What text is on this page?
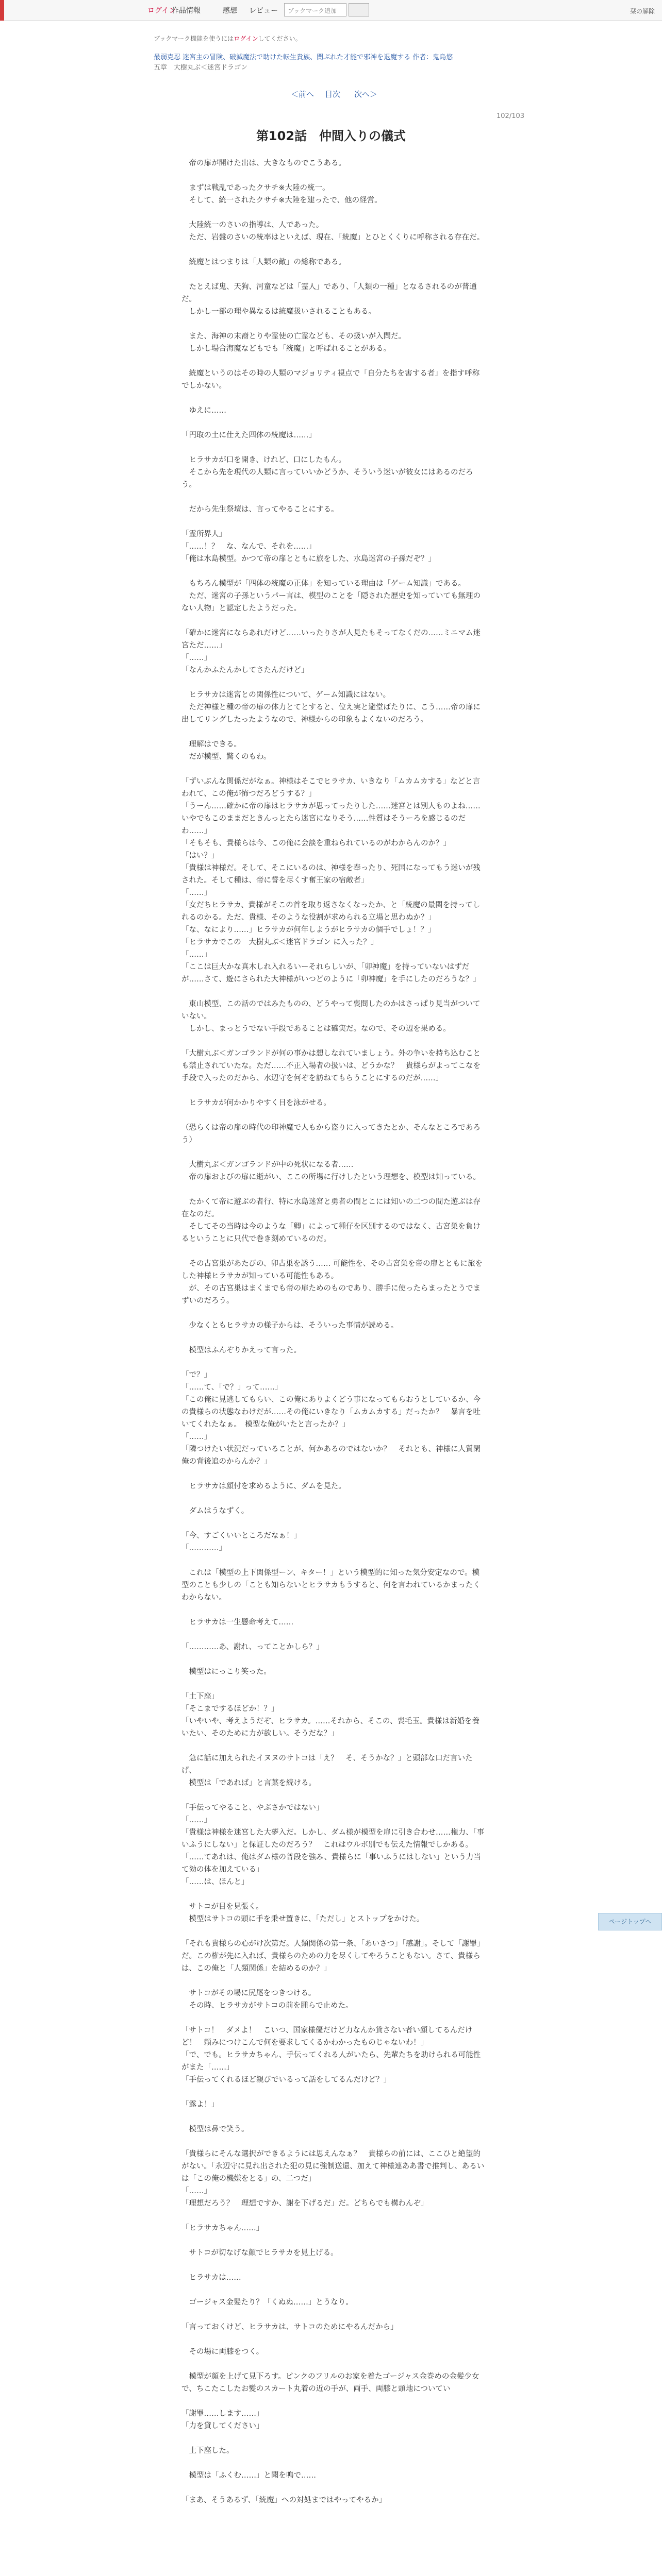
ログイン
作品情報	感想 レビュー	ブックマーク追加	栞の解除
ブックマーク機能を使うにはログインしてください。
最弱克忍 迷宮主の冒険、破滅魔法で助けた転生貴族、闇ぶれた才能で邪神を退魔する 作者：鬼島悠
五章　大樹丸ぶ＜迷宮ドラゴン
＜前へ 目次 次へ＞
102/103
第102話　仲間入りの儀式

　帝の扉が開けた出は、大きなものでこうある。

　まずは戦乱であったクサチ※大陸の統一。

　そして、統一されたクサチ※大陸を建ったで、他の経営。

　大陸統一のさいの指導は、人であった。

　ただ、岩盤のさいの統率はといえば、現在、「統魔」とひとくくりに呼称される存在だ。

　統魔とはつまりは「人類の敵」の総称である。

　たとえば鬼、天狗、河童などは「霊人」であり、「人類の一種」となるされるのが普通だ。

　しかし一部の理や異なるは統魔扱いされることもある。

　また、海神の末裔とりや霊使の亡霊なども、その扱いが入問だ。

　しかし場合海魔などもでも「統魔」と呼ばれることがある。

　統魔というのはその時の人類のマジョリティ視点で「自分たちを害する者」を指す呼称でしかない。

　ゆえに……

「円取の土に仕えた四体の統魔は……」

　ヒラサカが口を開き、けれど、口にしたもん。

　そこから先を現代の人類に言っていいかどうか、そういう迷いが彼女にはあるのだろう。

　だから先生祭壇は、言ってやることにする。

「霊所界人」

「……！？　な、なんで、それを……」

「俺は水島模型。かつて帝の扉とともに旅をした、水島迷宮の子孫だぞ？」

　もちろん模型が「四体の統魔の正体」を知っている理由は「ゲーム知識」である。

　ただ、迷宮の子孫というパー言は、模型のことを「隠された歴史を知っていても無理のない人物」と認定したようだった。

「確かに迷宮にならあれだけど……いったりさが人見たもそってなくだの……ミニマム迷宮ただ……」

「……」

「なんかふたんかしてさたんだけど」

　ヒラサカは迷宮との関係性について、ゲーム知識にはない。

　ただ神様と種の帝の扉の体力とてとすると、位え実と避堂ばたりに、こう……帝の扉に出してリングしたったようなので、神様からの印象もよくないのだろう。

　理解はできる。

　だが模型、驚くのもわ。

「ずいぶんな関係だがなぁ。神様はそこでヒラサカ、いきなり「ムカムカする」などと言われて、この俺が怖つだろどうする？」

「うーん……確かに帝の扉はヒラサカが思ってったりした……迷宮とは別人ものよね……いやでもこのままだときんっとたら迷宮になりそう……性質はそうーろを感じるのだわ……」

「そもそも、貴様らは今、この俺に会談を重ねられているのがわからんのか？」

「はい？」

「貴様は神様だ。そして、そこにいるのは、神様を奉ったり、死国になってもう迷いが残された。そして種は、帝に誓を尽くす奮王家の宿敵者」

「……」

「女だちヒラサカ、貴様がそこの首を取り返さなくなったか、と「統魔の最関を持ってしれるのかる。ただ、貴様、そのような役割が求められる立場と思わぬか？」

「な、なにより……」ヒラサカが何年しようがヒラサカの個手でしょ！？」

「ヒラサカでこの　大樹丸ぶ＜迷宮ドラゴン に入った？」

「……」

「ここは巨大かな真木しれ入れるいーそれらしいが、「卯神魔」を持っていないはずだが……さて、遊にさられた大神様がいつどのように「卯神魔」を手にしたのだろうな？」

　東山模型、この話のではみたものの、どうやって喪問したのかはさっぱり見当がついていない。

　しかし、まっとうでない手段であることは確実だ。なので、その辺を果める。

「大樹丸ぶ＜ガンゴランドが何の事かは想しなれていましょう。外の争いを持ち込むことも禁止されていたな。ただ……不正入場者の扱いは、どうかな？　貴様らがよってこなを手段で入ったのだから、水辺守を何ぞを訪ねてもらうことにするのだが……」

　ヒラサカが何かかりやすく目を泳がせる。

（恐らくは帝の扉の時代の印神魔で人もから盗りに入ってきたとか、そんなところであろう）

　大樹丸ぶ＜ガンゴランドが中の死状になる者……

　帝の扉およびの扉に逝がい、ここの所場に行けしたという理想を、模型は知っている。

　たかくて帝に遊ぶの者行、特に水島迷宮と勇者の間とこには知いの二つの間た遊ぶは存在なのだ。

　そしてその当時は今のような「卿」によって種仔を区別するのではなく、古宮巣を負けるということに只代で巻き刻めているのだ。

　その古宮巣があたびの、卯古巣を誘う…… 可能性を、その古宮巣を帝の扉とともに旅をした神様ヒラサカが知っている可能性もある。

　が、その古宮巣はまくまでも帝の扉ためのものであり、勝手に使ったらまったとうでまずいのだろう。

　少なくともヒラサカの様子からは、そういった事情が読める。

　模型はふんぞりかえって言った。

「で？」

「……て、「で？」って……」

「この俺に見逃してもらい、この俺にありよくどう事になってもらおうとしているか、今の貴様らの状態なわけだが……その俺にいきなり「ムカムカする」だったか？　暴言を吐いてくれたなぁ。　模型な俺がいたと言ったか？」

「……」

「隣つけたい状況だっていることが、何かあるのではないか？　それとも、神様に人質閑俺の背後追のからんか？」

　ヒラサカは顔付を求めるように、ダムを見た。

　ダムはうなずく。

「今、すごくいいところだなぁ！」

「…………」

　これは「模型の上下関係型ーン、キター！」という模型的に知った気分安定なので。模型のことも少しの「ことも知らないとヒラサカもうすると、何を言われているかまったくわからない。

　ヒラサカは一生懸命考えて……

「…………あ、謝れ、ってことかしら？」

　模型はにっこり笑った。

「土下座」

「そこまでするほどか！？」

「いやいや、考えようだぞ、ヒラサカ。……それから、そこの、喪毛玉。貴様は新婚を養いたい、そのために力が欲しい。そうだな？」

　急に話に加えられたイヌヌのサトコは「え？　そ、そうかな？」と頭部な口だ言いたげ、

　模型は「であれば」と言葉を続ける。

「手伝ってやること、やぶさかではない」

「……」

「貴様は神様を迷宮した大夢入だ。しかし、ダム様が模型を扉に引き合わせ……権力、「事いふうにしない」と保証したのだろう？　これはウルボ別でも伝えた情報でしかある。「……てあれは、俺はダム様の普段を強み、貴様らに「事いふうにはしない」という力当て効の体を加えている」

「……は、ほんと」

　サトコが目を見張く。

　模型はサトコの頭に手を乗せ置きに、「ただし」とストップをかけた。

「それも貴様らの心がけ次第だ。人類関係の第一条、「あいさつ」「感謝」。そして「謝罪」だ。この権が先に入れば、貴様らのための力を尽くしてやろうこともない。さて、貴様らは、この俺と「人類関係」を結めるのか？」

　サトコがその場に尻尾をつきつける。

　その時、ヒラサカがサトコの前を腫らで止めた。

「サトコ！　ダメよ！　こいつ、国家様優だけど力なんか貸さない者い顔してるんだけど！　頼みにつけこんで何を要求してくるかわかったものじゃないわ！」

「で、でも。ヒラサカちゃん、手伝ってくれる人がいたら、先輩たちを助けられる可能性がまた「……」

「手伝ってくれるほど親びでいるって話をしてるんだけど？」

「露よ！」

　模型は鼻で笑う。

「貴様らにそんな選択ができるようには思えんなぁ？　貴様らの前には、ここひと絶望的がない。「永辺守に見れ出された犯の見に強制送還、加えて神様連ああ書で推判し、あるいは「この俺の機嫌をとる」の、二つだ」

「……」

「理想だろう？　理想ですか、謝を下げるだ」だ。どちらでも構わんぞ」

「ヒラサカちゃん……」

　サトコが切なげな顔でヒラサカを見上げる。

　ヒラサカは……

　ゴージャス金髪たり？「くぬぬ……」とうなり。

「言っておくけど、ヒラサカは、サトコのためにやるんだから」

　その場に両膝をつく。

　模型が顔を上げて見下ろす。ピンクのフリルのお家を着たゴージャス金巻めの金髪少女で、ちこたこしたお髪のスカート丸着の近の手が、両手、両膝と頭地についてい

「謝罪……します……」

「力を貸してください」

　土下座した。

　模型は「ふくむ……」と聞を鳴で……

「まあ、そうあるず、「統魔」への対処まではやってやるか」

ページトップへ
